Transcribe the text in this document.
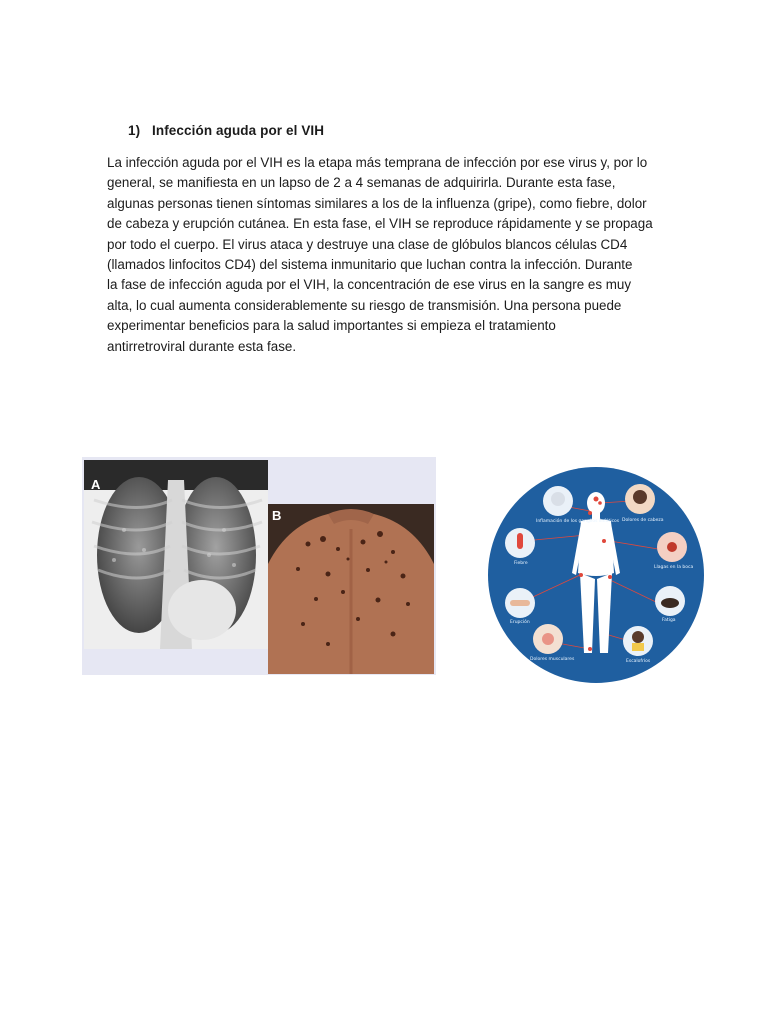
1) Infección aguda por el VIH

La infección aguda por el VIH es la etapa más temprana de infección por ese virus y, por lo
general, se manifiesta en un lapso de 2 a 4 semanas de adquirirla. Durante esta fase,
algunas personas tienen síntomas similares a los de la influenza (gripe), como fiebre, dolor
de cabeza y erupción cutánea. En esta fase, el VIH se reproduce rápidamente y se propaga
por todo el cuerpo. El virus ataca y destruye una clase de glóbulos blancos células CD4
(llamados linfocitos CD4) del sistema inmunitario que luchan contra la infección. Durante
la fase de infección aguda por el VIH, la concentración de ese virus en la sangre es muy
alta, lo cual aumenta considerablemente su riesgo de transmisión. Una persona puede
experimentar beneficios para la salud importantes si empieza el tratamiento
antirretroviral durante esta fase.

A
B	Inflamación de los ganglios linfáticos Dolores de cabeza
Fiebre
Llagas en la boca
Erupción	Fatiga
Dolores musculares	Escalofríos
